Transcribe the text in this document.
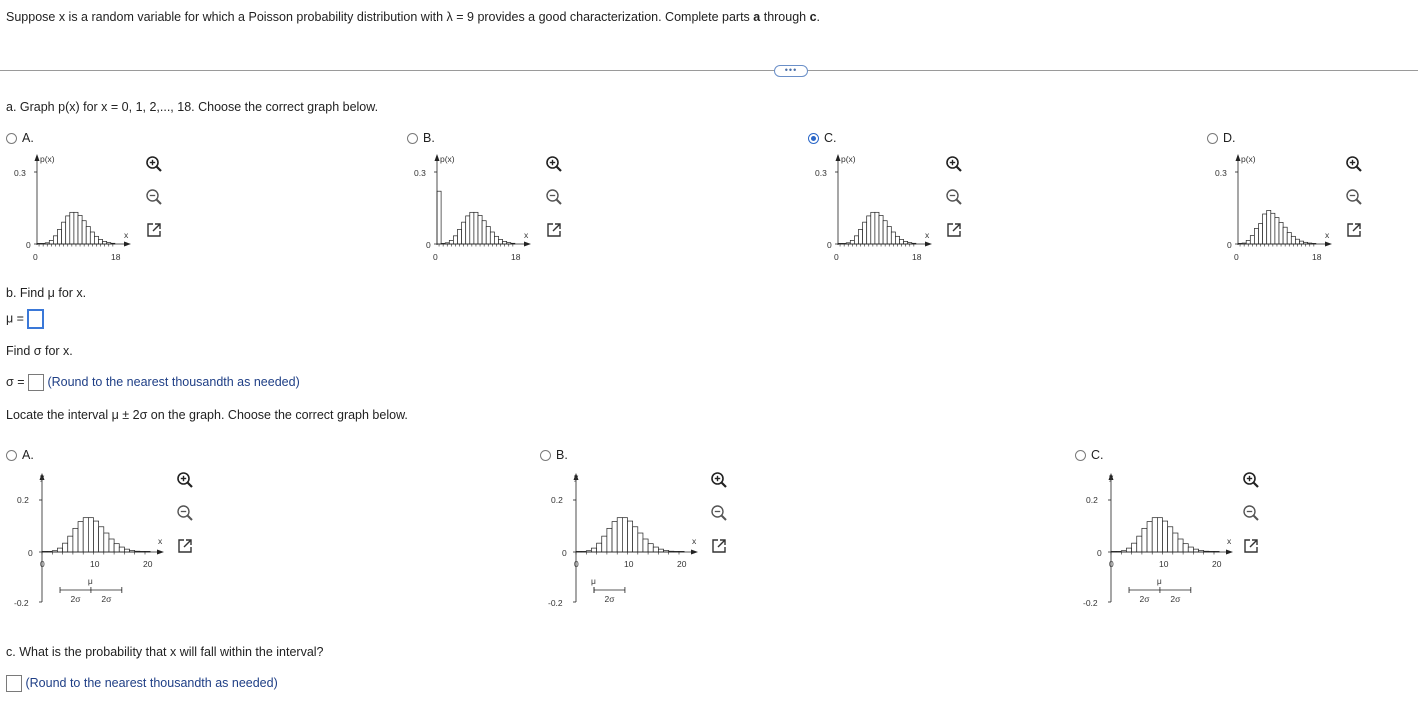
Suppose x is a random variable for which a Poisson probability distribution with λ = 9 provides a good characterization. Complete parts a through c.
•••
a. Graph p(x) for x = 0, 1, 2,..., 18. Choose the correct graph below.
A.	B.	C.	D.
p(x)
0.3
0
0	18
x
p(x)
0.3
0
0	18
x
p(x)
0.3
0
0	18
x
p(x)
0.3
0
0	18
x
b. Find μ for x.
μ =
Find σ for x.
σ = (Round to the nearest thousandth as needed)
Locate the interval μ ± 2σ on the graph. Choose the correct graph below.
A.	B.	C.
μ
2σ 2σ
y
0.2
0
-0.2
0	10	20
x
μ
2σ
y
0.2
0
-0.2
0	10	20
x
μ
2σ 2σ
y
0.2
0
-0.2
0	10	20
x
c. What is the probability that x will fall within the interval?
(Round to the nearest thousandth as needed)
